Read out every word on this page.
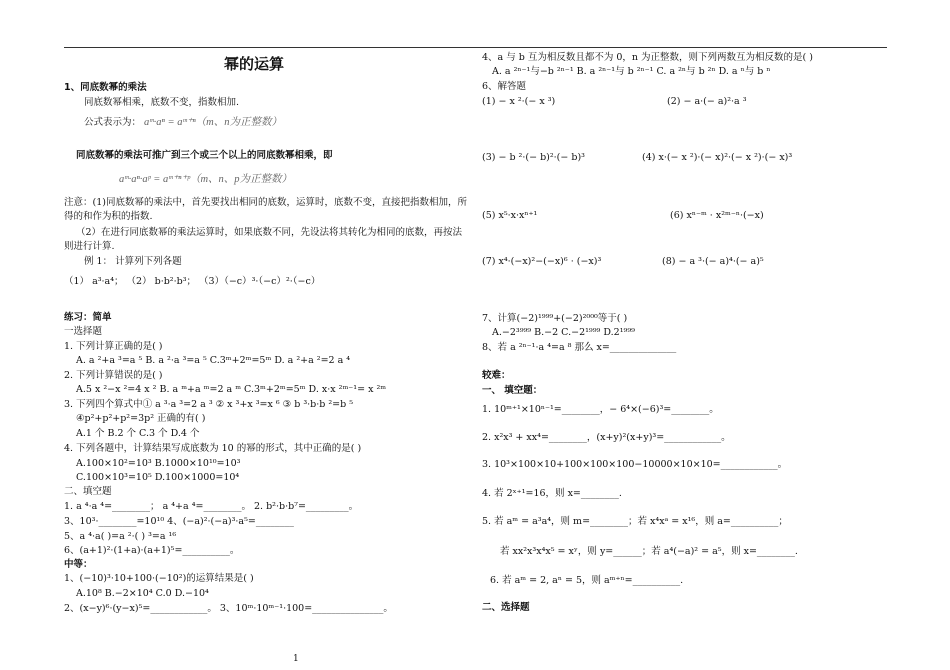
幂的运算
1、同底数幂的乘法
同底数幂相乘，底数不变，指数相加.
公式表示为： aᵐ·aⁿ = aᵐ⁺ⁿ（m、n为正整数）
同底数幂的乘法可推广到三个或三个以上的同底数幂相乘，即
aᵐ·aⁿ·aᵖ = aᵐ⁺ⁿ⁺ᵖ（m、n、p为正整数）
注意：(1)同底数幂的乘法中，首先要找出相同的底数，运算时，底数不变，直接把指数相加，所
得的和作为积的指数.
（2）在进行同底数幂的乘法运算时，如果底数不同，先设法将其转化为相同的底数，再按法
则进行计算.
例 1： 计算列下列各题
（1） a³·a⁴； （2） b·b²·b³； （3）（−c）³·（−c）²·（−c）
练习：简单
一选择题
1. 下列计算正确的是( )
A. a ²+a ³=a ⁵ B. a ²·a ³=a ⁵ C.3ᵐ+2ᵐ=5ᵐ D. a ²+a ²=2 a ⁴
2. 下列计算错误的是( )
A.5 x ²−x ²=4 x ² B. a ᵐ+a ᵐ=2 a ᵐ C.3ᵐ+2ᵐ=5ᵐ D. x·x ²ᵐ⁻¹= x ²ᵐ
3. 下列四个算式中① a ³·a ³=2 a ³ ② x ³+x ³=x ⁶ ③ b ³·b·b ²=b ⁵
④p²+p²+p²=3p² 正确的有( )
A.1 个 B.2 个 C.3 个 D.4 个
4. 下列各题中，计算结果写成底数为 10 的幂的形式，其中正确的是( )
A.100×10²=10³ B.1000×10¹⁰=10³
C.100×10³=10⁵ D.100×1000=10⁴
二、填空题
1. a ⁴·a ⁴=________； a ⁴+a ⁴=________。 2. b²·b·b⁷=_________。
3、10³·________=10¹⁰ 4、(−a)²·(−a)³·a⁵=________
5、a ⁴·a( )=a ²·( ) ³=a ¹⁶
6、(a+1)²·(1+a)·(a+1)⁵=__________。
中等：
1、(−10)³·10+100·(−10²)的运算结果是( )
A.10⁸ B.−2×10⁴ C.0 D.−10⁴
2、(x−y)⁶·(y−x)⁵=____________。 3、10ᵐ·10ᵐ⁻¹·100=_______________。
4、a 与 b 互为相反数且都不为 0，n 为正整数，则下列两数互为相反数的是( )
A. a ²ⁿ⁻¹与−b ²ⁿ⁻¹ B. a ²ⁿ⁻¹与 b ²ⁿ⁻¹ C. a ²ⁿ与 b ²ⁿ D. a ⁿ与 b ⁿ
6、解答题
(1) − x ²·(− x ³)	(2) − a·(− a)²·a ³
(3) − b ²·(− b)²·(− b)³	(4) x·(− x ²)·(− x)²·(− x ²)·(− x)³
(5) x⁵·x·xⁿ⁺¹	(6) xⁿ⁻ᵐ · x²ᵐ⁻ⁿ·(−x)
(7) x⁴·(−x)²−(−x)⁶ · (−x)³	(8) − a ³·(− a)⁴·(− a)⁵
7、计算(−2)¹⁹⁹⁹+(−2)²⁰⁰⁰等于( )
A.−2³⁹⁹⁹ B.−2 C.−2¹⁹⁹⁹ D.2¹⁹⁹⁹
8、若 a ²ⁿ⁻¹·a ⁴=a ⁸ 那么 x=______________
较难：
一、 填空题：
1. 10ᵐ⁺¹×10ⁿ⁻¹=________，− 6⁴×(−6)³=________。
2. x²x³ + xx⁴=________，(x+y)²(x+y)³=____________。
3. 10³×100×10+100×100×100−10000×10×10=____________。
4. 若 2ˣ⁺¹=16，则 x=________.
5. 若 aᵐ = a³a⁴，则 m=________；若 x⁴xᵃ = x¹⁶，则 a=__________；
若 xx²x³x⁴x⁵ = xʸ，则 y=______；若 a⁴(−a)² = a⁵，则 x=________.
6. 若 aᵐ = 2, aⁿ = 5，则 aᵐ⁺ⁿ=__________.
二、选择题
1
